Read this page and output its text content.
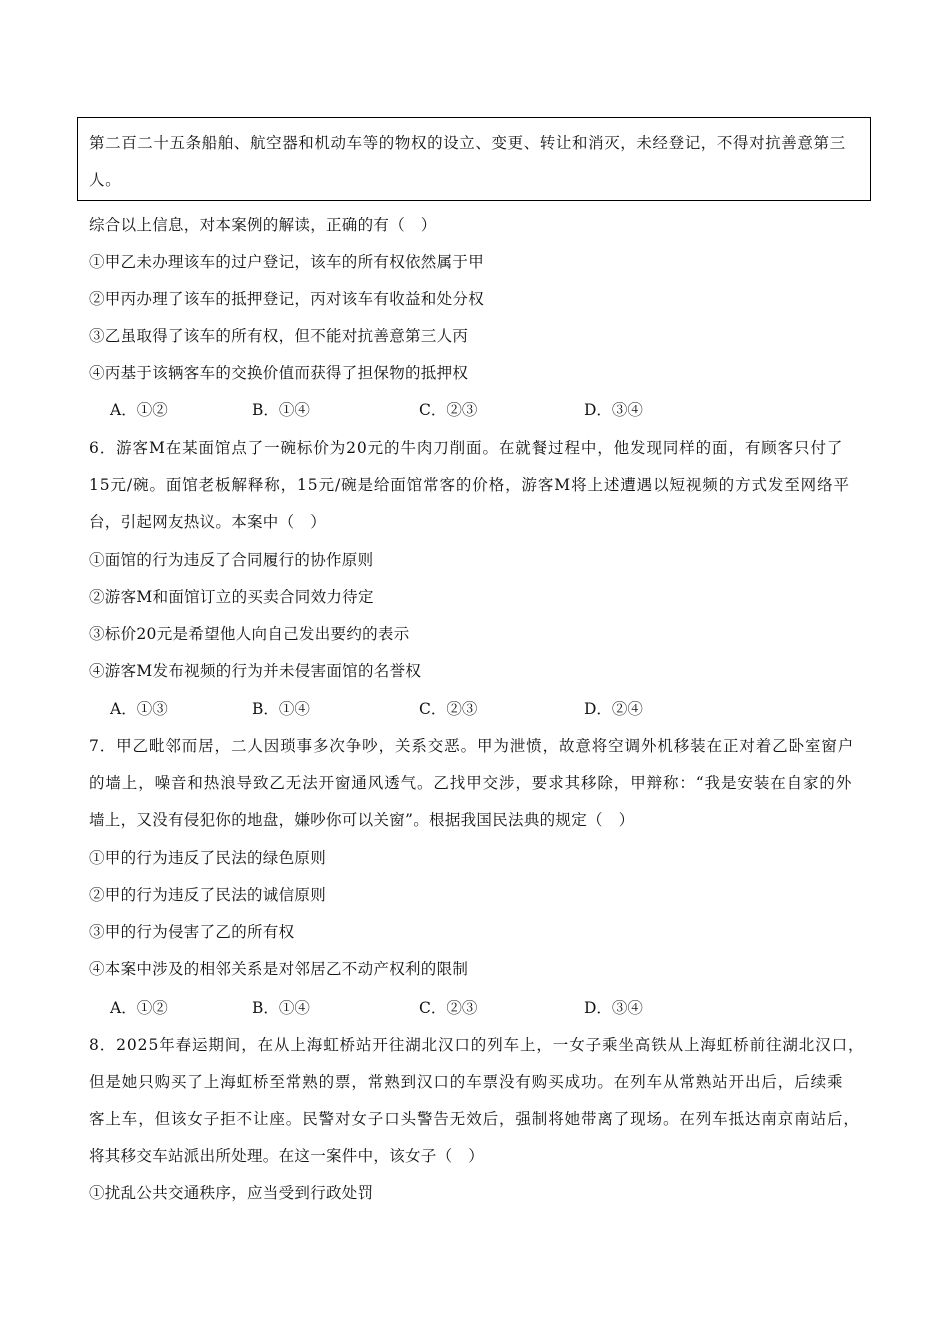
第二百二十五条船舶、航空器和机动车等的物权的设立、变更、转让和消灭，未经登记，不得对抗善意第三人。
综合以上信息，对本案例的解读，正确的有（　）
①甲乙未办理该车的过户登记，该车的所有权依然属于甲
②甲丙办理了该车的抵押登记，丙对该车有收益和处分权
③乙虽取得了该车的所有权，但不能对抗善意第三人丙
④丙基于该辆客车的交换价值而获得了担保物的抵押权
A．①②	B．①④	C．②③	D．③④
6．游客M在某面馆点了一碗标价为20元的牛肉刀削面。在就餐过程中，他发现同样的面，有顾客只付了
15元/碗。面馆老板解释称，15元/碗是给面馆常客的价格，游客M将上述遭遇以短视频的方式发至网络平
台，引起网友热议。本案中（　）
①面馆的行为违反了合同履行的协作原则
②游客M和面馆订立的买卖合同效力待定
③标价20元是希望他人向自己发出要约的表示
④游客M发布视频的行为并未侵害面馆的名誉权
A．①③	B．①④	C．②③	D．②④
7．甲乙毗邻而居，二人因琐事多次争吵，关系交恶。甲为泄愤，故意将空调外机移装在正对着乙卧室窗户
的墙上，噪音和热浪导致乙无法开窗通风透气。乙找甲交涉，要求其移除，甲辩称：“我是安装在自家的外
墙上，又没有侵犯你的地盘，嫌吵你可以关窗”。根据我国民法典的规定（　）
①甲的行为违反了民法的绿色原则
②甲的行为违反了民法的诚信原则
③甲的行为侵害了乙的所有权
④本案中涉及的相邻关系是对邻居乙不动产权利的限制
A．①②	B．①④	C．②③	D．③④
8．2025年春运期间，在从上海虹桥站开往湖北汉口的列车上，一女子乘坐高铁从上海虹桥前往湖北汉口，
但是她只购买了上海虹桥至常熟的票，常熟到汉口的车票没有购买成功。在列车从常熟站开出后，后续乘
客上车，但该女子拒不让座。民警对女子口头警告无效后，强制将她带离了现场。在列车抵达南京南站后，
将其移交车站派出所处理。在这一案件中，该女子（　）
①扰乱公共交通秩序，应当受到行政处罚
